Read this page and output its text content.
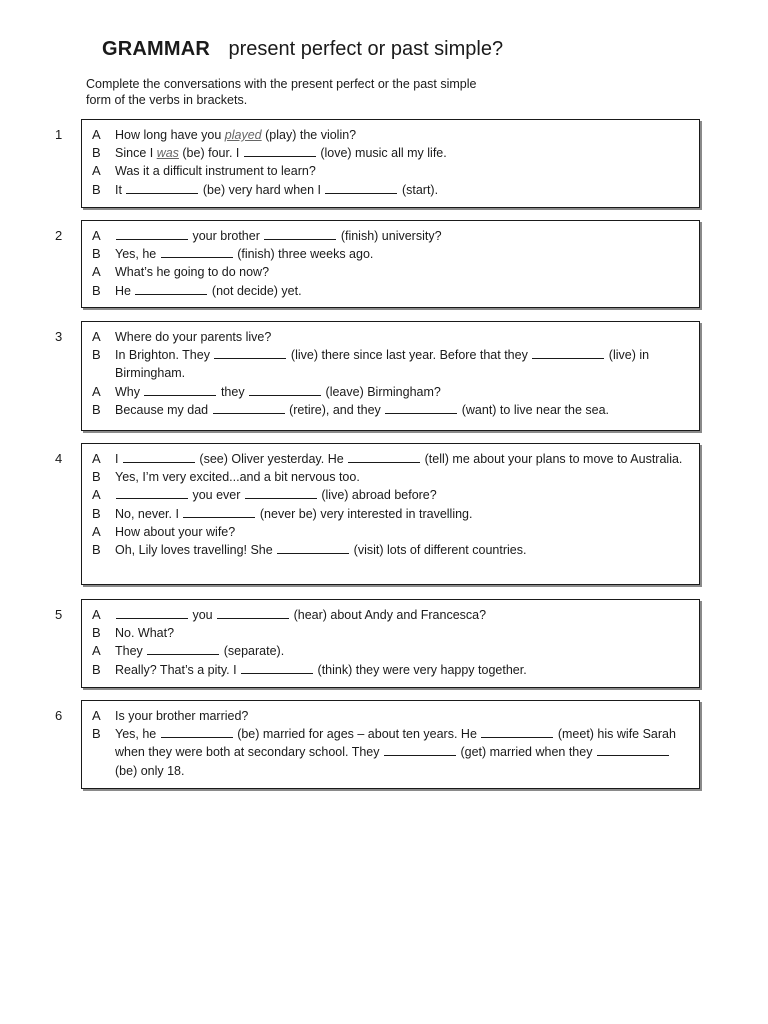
GRAMMAR present perfect or past simple?
Complete the conversations with the present perfect or the past simple form of the verbs in brackets.
1 A How long have you played (play) the violin?
B Since I was (be) four. I	(love) music all my life.
A Was it a difficult instrument to learn?
B It	(be) very hard when I	(start).
2 A	your brother	(finish) university?
B Yes, he	(finish) three weeks ago.
A What’s he going to do now?
B He	(not decide) yet.
3 A Where do your parents live?
B In Brighton. They	(live) there since last year. Before that they	(live) in Birmingham.
A Why	they	(leave) Birmingham?
B Because my dad	(retire), and they	(want) to live near the sea.
4 A I	(see) Oliver yesterday. He	(tell) me about your plans to move to Australia.
B Yes, I’m very excited...and a bit nervous too.
A	you ever	(live) abroad before?
B No, never. I	(never be) very interested in travelling.
A How about your wife?
B Oh, Lily loves travelling! She	(visit) lots of different countries.
5 A	you	(hear) about Andy and Francesca?
B No. What?
A They	(separate).
B Really? That’s a pity. I	(think) they were very happy together.
6 A Is your brother married?
B Yes, he	(be) married for ages – about ten years. He	(meet) his wife Sarah when they were both at secondary school. They	(get) married when they  (be) only 18.
